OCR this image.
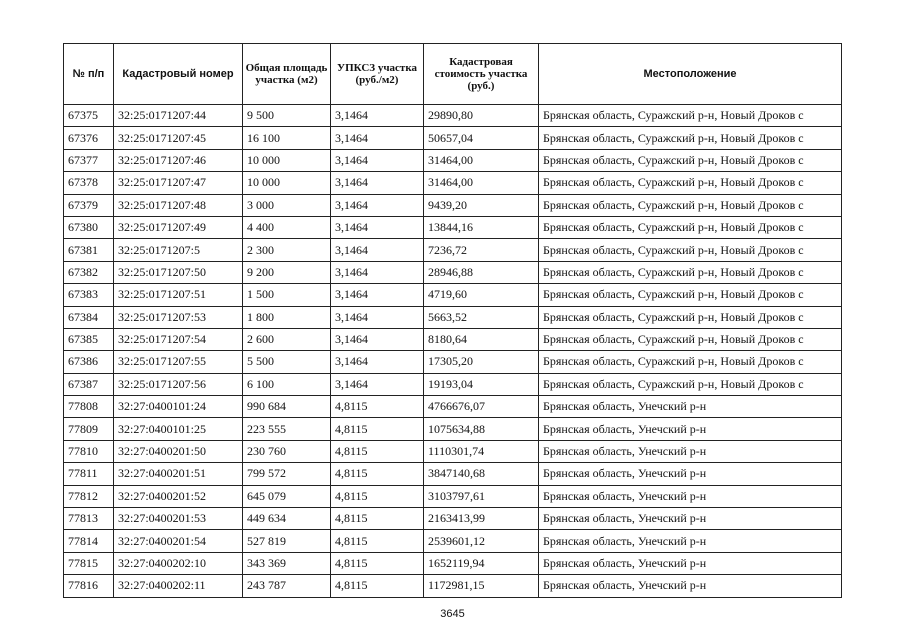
№ п/п	Кадастровый номер	Общая площадь участка (м2)	УПКСЗ участка (руб./м2)	Кадастровая стоимость участка (руб.)	Местоположение
67375	32:25:0171207:44	9 500	3,1464	29890,80	Брянская область, Суражский р-н, Новый Дроков с
67376	32:25:0171207:45	16 100	3,1464	50657,04	Брянская область, Суражский р-н, Новый Дроков с
67377	32:25:0171207:46	10 000	3,1464	31464,00	Брянская область, Суражский р-н, Новый Дроков с
67378	32:25:0171207:47	10 000	3,1464	31464,00	Брянская область, Суражский р-н, Новый Дроков с
67379	32:25:0171207:48	3 000	3,1464	9439,20	Брянская область, Суражский р-н, Новый Дроков с
67380	32:25:0171207:49	4 400	3,1464	13844,16	Брянская область, Суражский р-н, Новый Дроков с
67381	32:25:0171207:5	2 300	3,1464	7236,72	Брянская область, Суражский р-н, Новый Дроков с
67382	32:25:0171207:50	9 200	3,1464	28946,88	Брянская область, Суражский р-н, Новый Дроков с
67383	32:25:0171207:51	1 500	3,1464	4719,60	Брянская область, Суражский р-н, Новый Дроков с
67384	32:25:0171207:53	1 800	3,1464	5663,52	Брянская область, Суражский р-н, Новый Дроков с
67385	32:25:0171207:54	2 600	3,1464	8180,64	Брянская область, Суражский р-н, Новый Дроков с
67386	32:25:0171207:55	5 500	3,1464	17305,20	Брянская область, Суражский р-н, Новый Дроков с
67387	32:25:0171207:56	6 100	3,1464	19193,04	Брянская область, Суражский р-н, Новый Дроков с
77808	32:27:0400101:24	990 684	4,8115	4766676,07	Брянская область, Унечский р-н
77809	32:27:0400101:25	223 555	4,8115	1075634,88	Брянская область, Унечский р-н
77810	32:27:0400201:50	230 760	4,8115	1110301,74	Брянская область, Унечский р-н
77811	32:27:0400201:51	799 572	4,8115	3847140,68	Брянская область, Унечский р-н
77812	32:27:0400201:52	645 079	4,8115	3103797,61	Брянская область, Унечский р-н
77813	32:27:0400201:53	449 634	4,8115	2163413,99	Брянская область, Унечский р-н
77814	32:27:0400201:54	527 819	4,8115	2539601,12	Брянская область, Унечский р-н
77815	32:27:0400202:10	343 369	4,8115	1652119,94	Брянская область, Унечский р-н
77816	32:27:0400202:11	243 787	4,8115	1172981,15	Брянская область, Унечский р-н
3645
